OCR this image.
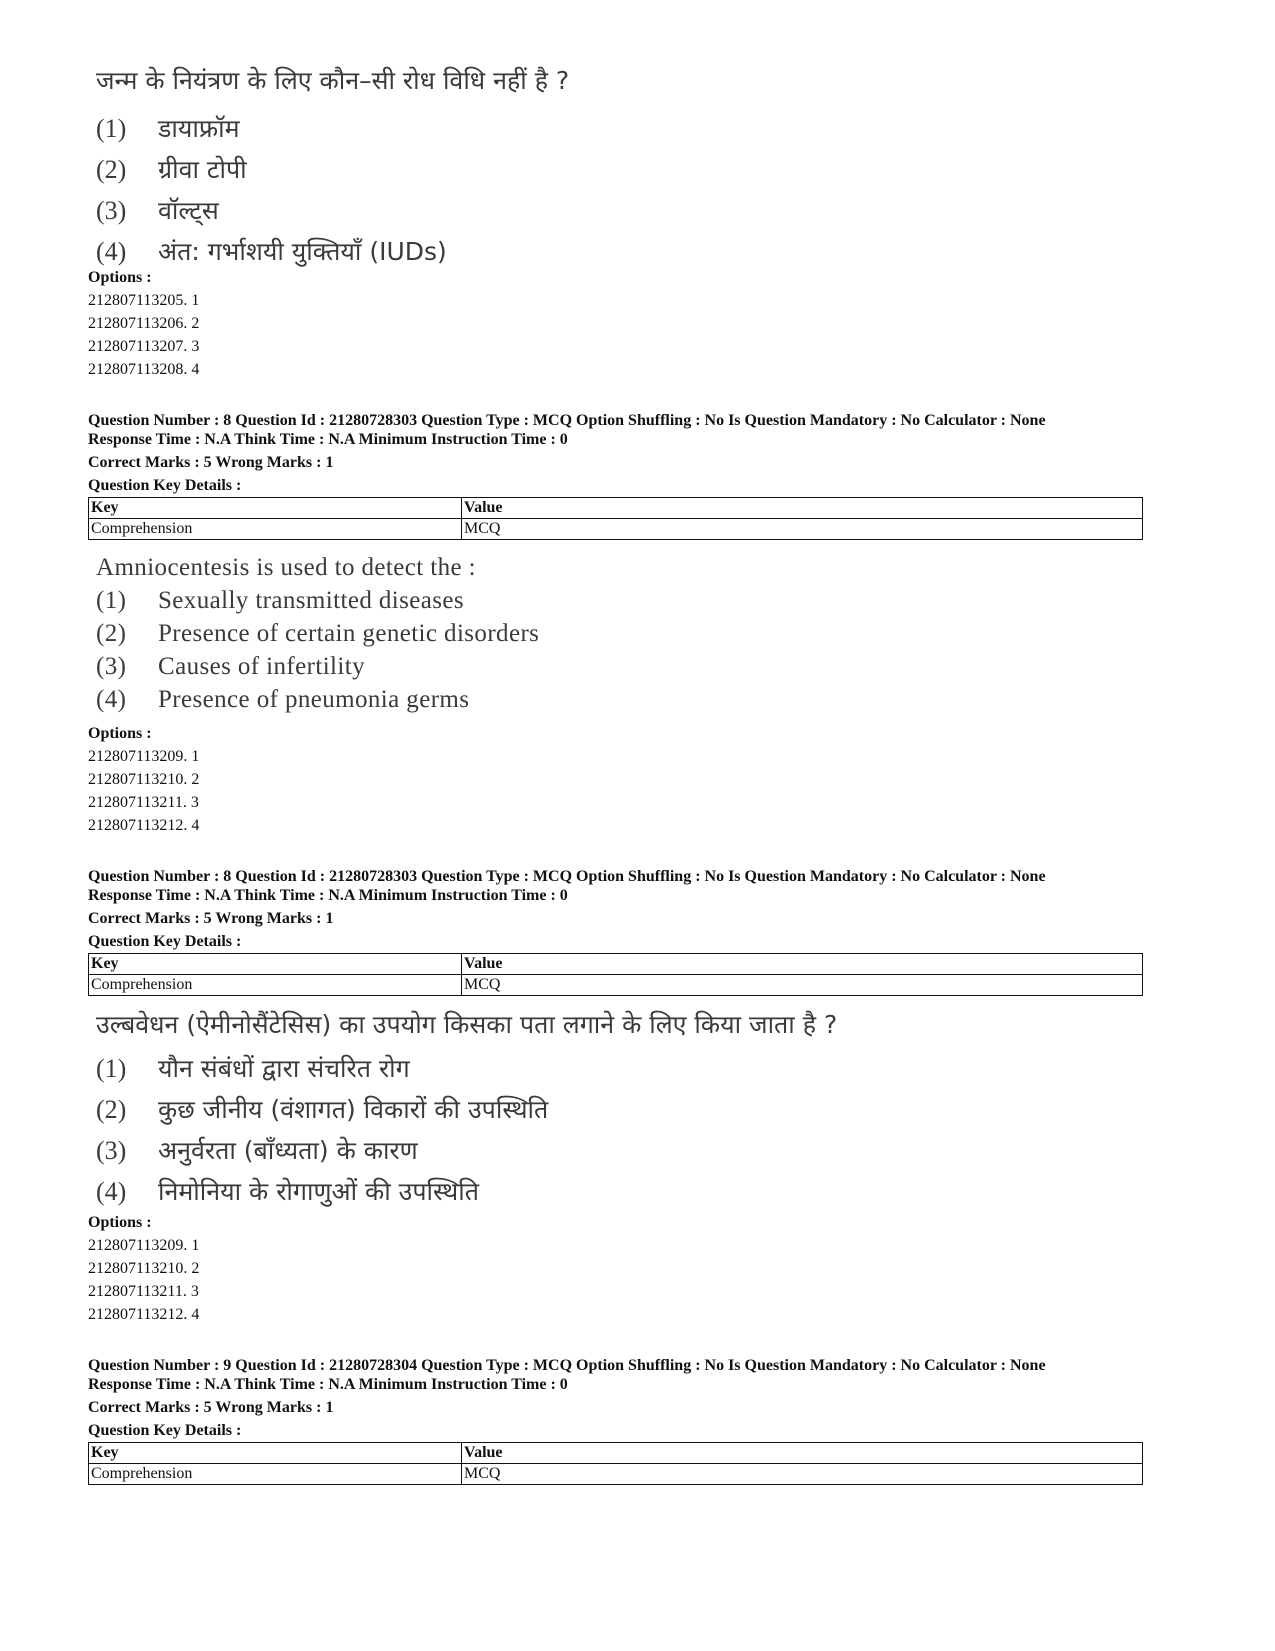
जन्म के नियंत्रण के लिए कौन–सी रोध विधि नहीं है ?
(1)	डायाफ्रॉम
(2)	ग्रीवा टोपी
(3)	वॉल्ट्स
(4)	अंत: गर्भाशयी युक्तियाँ (IUDs)
Options :
212807113205. 1
212807113206. 2
212807113207. 3
212807113208. 4
Question Number : 8 Question Id : 21280728303 Question Type : MCQ Option Shuffling : No Is Question Mandatory : No Calculator : None
Response Time : N.A Think Time : N.A Minimum Instruction Time : 0
Correct Marks : 5 Wrong Marks : 1
Question Key Details :
Key	Value
Comprehension	MCQ
Amniocentesis is used to detect the :
(1)	Sexually transmitted diseases
(2)	Presence of certain genetic disorders
(3)	Causes of infertility
(4)	Presence of pneumonia germs
Options :
212807113209. 1
212807113210. 2
212807113211. 3
212807113212. 4
Question Number : 8 Question Id : 21280728303 Question Type : MCQ Option Shuffling : No Is Question Mandatory : No Calculator : None
Response Time : N.A Think Time : N.A Minimum Instruction Time : 0
Correct Marks : 5 Wrong Marks : 1
Question Key Details :
Key	Value
Comprehension	MCQ
उल्बवेधन (ऐमीनोसैंटेसिस) का उपयोग किसका पता लगाने के लिए किया जाता है ?
(1)	यौन संबंधों द्वारा संचरित रोग
(2)	कुछ जीनीय (वंशागत) विकारों की उपस्थिति
(3)	अनुर्वरता (बाँध्यता) के कारण
(4)	निमोनिया के रोगाणुओं की उपस्थिति
Options :
212807113209. 1
212807113210. 2
212807113211. 3
212807113212. 4
Question Number : 9 Question Id : 21280728304 Question Type : MCQ Option Shuffling : No Is Question Mandatory : No Calculator : None
Response Time : N.A Think Time : N.A Minimum Instruction Time : 0
Correct Marks : 5 Wrong Marks : 1
Question Key Details :
Key	Value
Comprehension	MCQ
